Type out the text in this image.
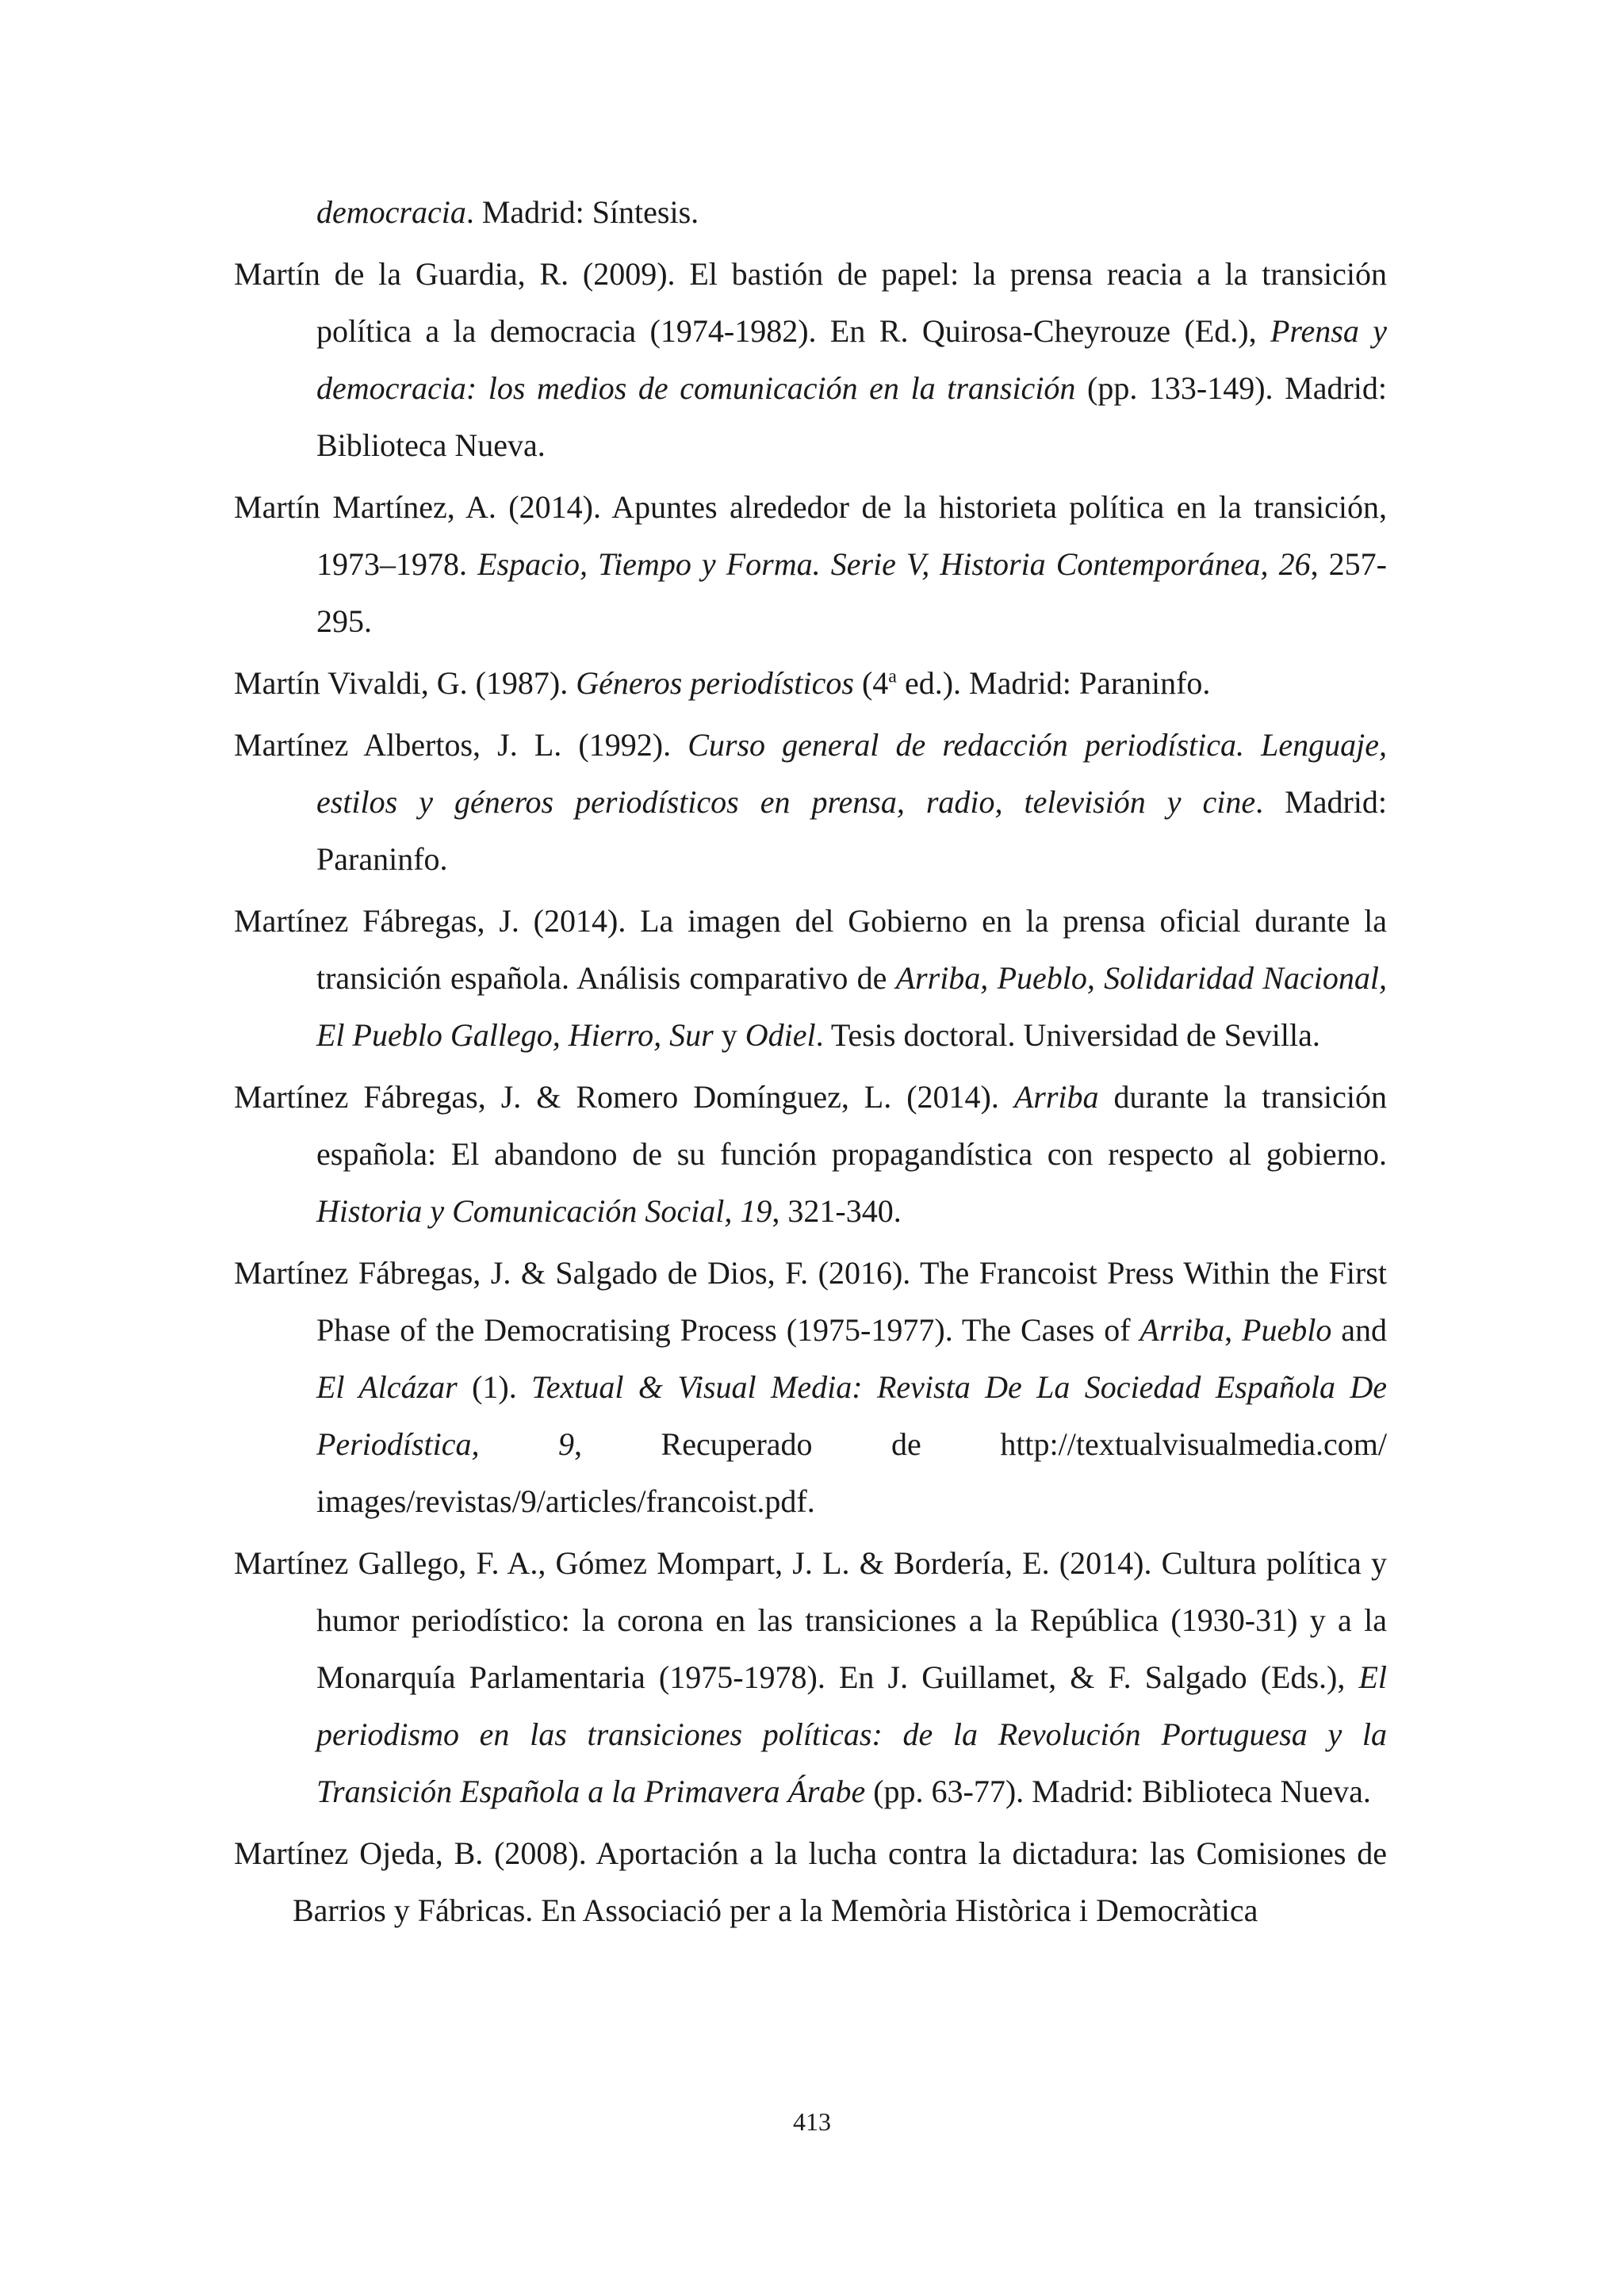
democracia. Madrid: Síntesis.

Martín de la Guardia, R. (2009). El bastión de papel: la prensa reacia a la transición política a la democracia (1974-1982). En R. Quirosa-Cheyrouze (Ed.), Prensa y democracia: los medios de comunicación en la transición (pp. 133-149). Madrid: Biblioteca Nueva.

Martín Martínez, A. (2014). Apuntes alrededor de la historieta política en la transición, 1973–1978. Espacio, Tiempo y Forma. Serie V, Historia Contemporánea, 26, 257-295.

Martín Vivaldi, G. (1987). Géneros periodísticos (4$^a$ ed.). Madrid: Paraninfo.

Martínez Albertos, J. L. (1992). Curso general de redacción periodística. Lenguaje, estilos y géneros periodísticos en prensa, radio, televisión y cine. Madrid: Paraninfo.

Martínez Fábregas, J. (2014). La imagen del Gobierno en la prensa oficial durante la transición española. Análisis comparativo de Arriba, Pueblo, Solidaridad Nacional, El Pueblo Gallego, Hierro, Sur y Odiel. Tesis doctoral. Universidad de Sevilla.

Martínez Fábregas, J. & Romero Domínguez, L. (2014). Arriba durante la transición española: El abandono de su función propagandística con respecto al gobierno. Historia y Comunicación Social, 19, 321-340.

Martínez Fábregas, J. & Salgado de Dios, F. (2016). The Francoist Press Within the First Phase of the Democratising Process (1975-1977). The Cases of Arriba, Pueblo and El Alcázar (1). Textual & Visual Media: Revista De La Sociedad Española De Periodística, 9, Recuperado de http://textualvisualmedia.com/ images/revistas/9/articles/francoist.pdf.

Martínez Gallego, F. A., Gómez Mompart, J. L. & Bordería, E. (2014). Cultura política y humor periodístico: la corona en las transiciones a la República (1930-31) y a la Monarquía Parlamentaria (1975-1978). En J. Guillamet, & F. Salgado (Eds.), El periodismo en las transiciones políticas: de la Revolución Portuguesa y la Transición Española a la Primavera Árabe (pp. 63-77). Madrid: Biblioteca Nueva.

Martínez Ojeda, B. (2008). Aportación a la lucha contra la dictadura: las Comisiones de Barrios y Fábricas. En Associació per a la Memòria Històrica i Democràtica

413
